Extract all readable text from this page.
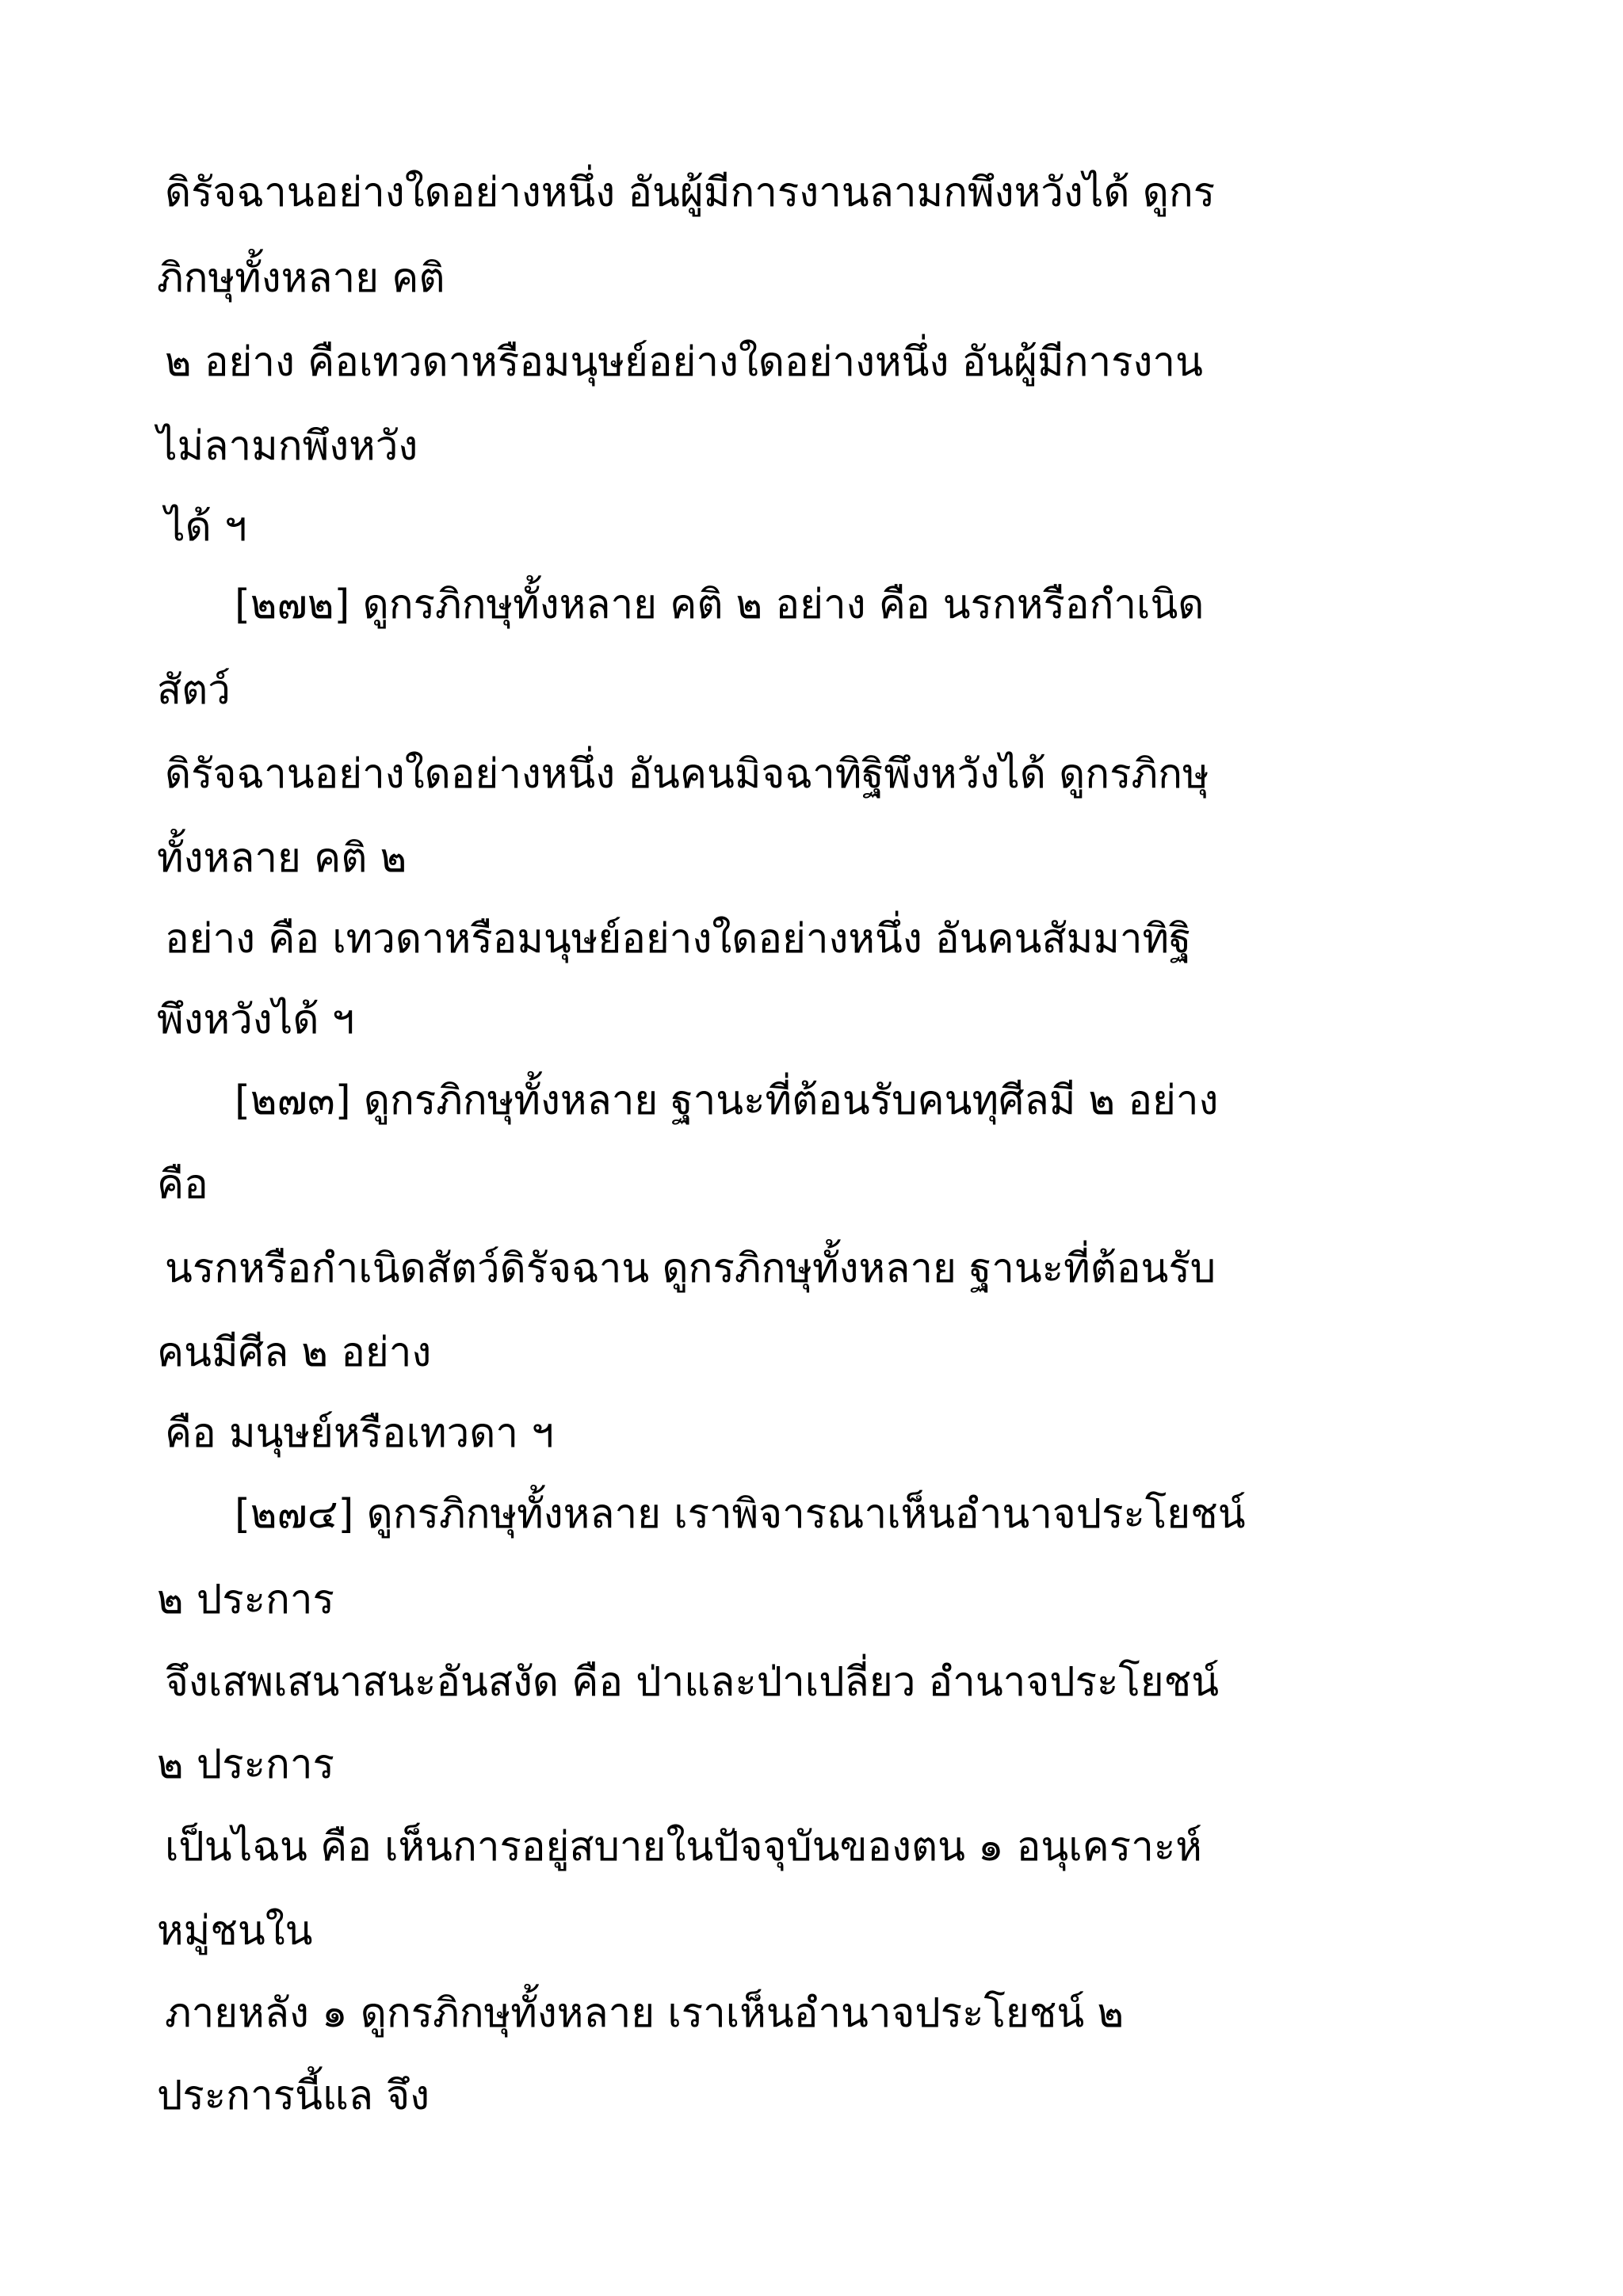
ดิรัจฉานอย่างใดอย่างหนึ่ง อันผู้มีการงานลามกพึงหวังได้ ดูกร

ภิกษุทั้งหลาย คติ

๒ อย่าง คือเทวดาหรือมนุษย์อย่างใดอย่างหนึ่ง อันผู้มีการงาน

ไม่ลามกพึงหวัง

ได้ ฯ

[๒๗๒] ดูกรภิกษุทั้งหลาย คติ ๒ อย่าง คือ นรกหรือกำเนิด

สัตว์

ดิรัจฉานอย่างใดอย่างหนึ่ง อันคนมิจฉาทิฐิพึงหวังได้ ดูกรภิกษุ

ทั้งหลาย คติ ๒

อย่าง คือ เทวดาหรือมนุษย์อย่างใดอย่างหนึ่ง อันคนสัมมาทิฐิ

พึงหวังได้ ฯ

[๒๗๓] ดูกรภิกษุทั้งหลาย ฐานะที่ต้อนรับคนทุศีลมี ๒ อย่าง

คือ

นรกหรือกำเนิดสัตว์ดิรัจฉาน ดูกรภิกษุทั้งหลาย ฐานะที่ต้อนรับ

คนมีศีล ๒ อย่าง

คือ มนุษย์หรือเทวดา ฯ

[๒๗๔] ดูกรภิกษุทั้งหลาย เราพิจารณาเห็นอำนาจประโยชน์

๒ ประการ

จึงเสพเสนาสนะอันสงัด คือ ป่าและป่าเปลี่ยว อำนาจประโยชน์

๒ ประการ

เป็นไฉน คือ เห็นการอยู่สบายในปัจจุบันของตน ๑ อนุเคราะห์

หมู่ชนใน

ภายหลัง ๑ ดูกรภิกษุทั้งหลาย เราเห็นอำนาจประโยชน์ ๒

ประการนี้แล จึง
